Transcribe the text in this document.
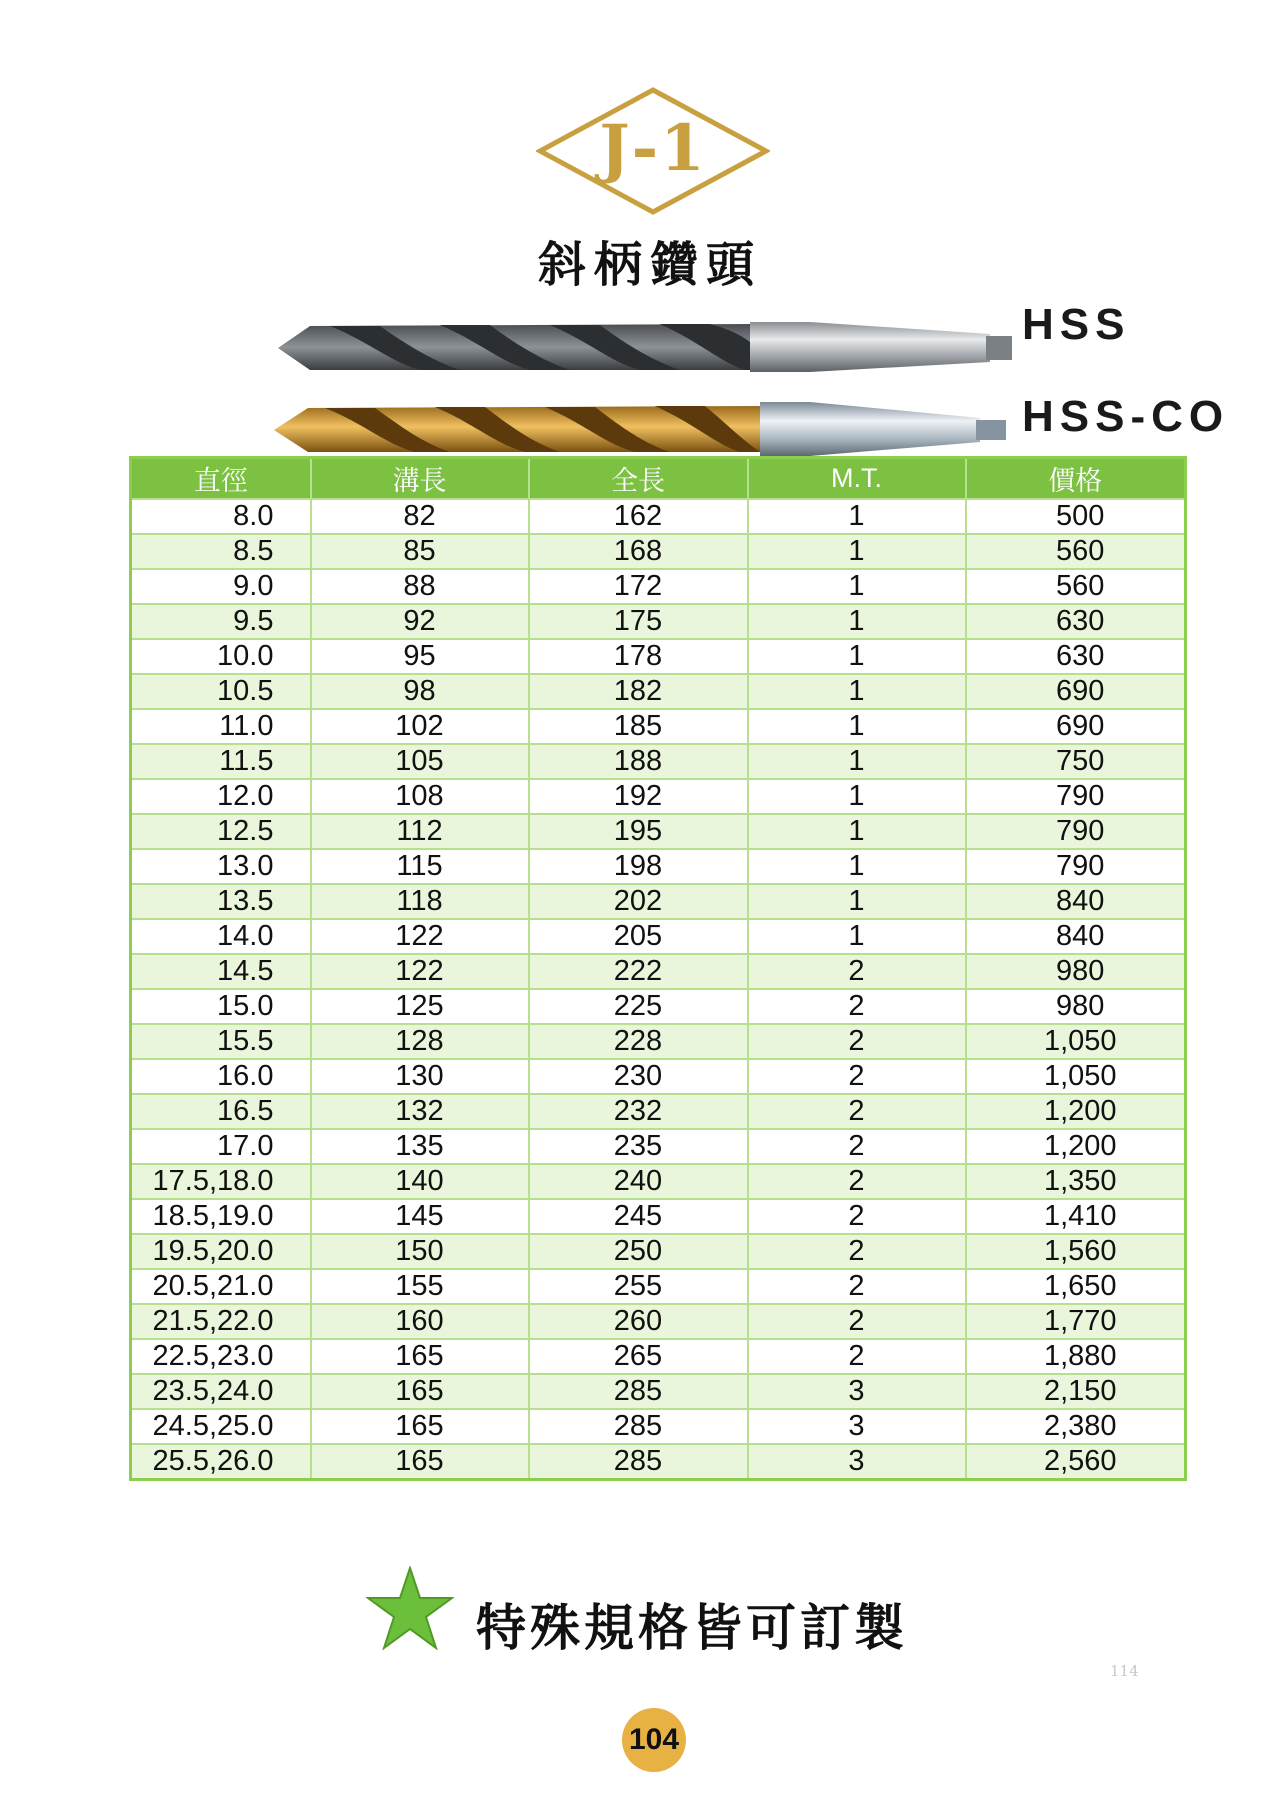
J-1
斜柄鑽頭
HSS
HSS-CO
直徑	溝長	全長	M.T.	價格
8.0	82	162	1	500
8.5	85	168	1	560
9.0	88	172	1	560
9.5	92	175	1	630
10.0	95	178	1	630
10.5	98	182	1	690
11.0	102	185	1	690
11.5	105	188	1	750
12.0	108	192	1	790
12.5	112	195	1	790
13.0	115	198	1	790
13.5	118	202	1	840
14.0	122	205	1	840
14.5	122	222	2	980
15.0	125	225	2	980
15.5	128	228	2	1,050
16.0	130	230	2	1,050
16.5	132	232	2	1,200
17.0	135	235	2	1,200
17.5,18.0	140	240	2	1,350
18.5,19.0	145	245	2	1,410
19.5,20.0	150	250	2	1,560
20.5,21.0	155	255	2	1,650
21.5,22.0	160	260	2	1,770
22.5,23.0	165	265	2	1,880
23.5,24.0	165	285	3	2,150
24.5,25.0	165	285	3	2,380
25.5,26.0	165	285	3	2,560
特殊規格皆可訂製
114
104
